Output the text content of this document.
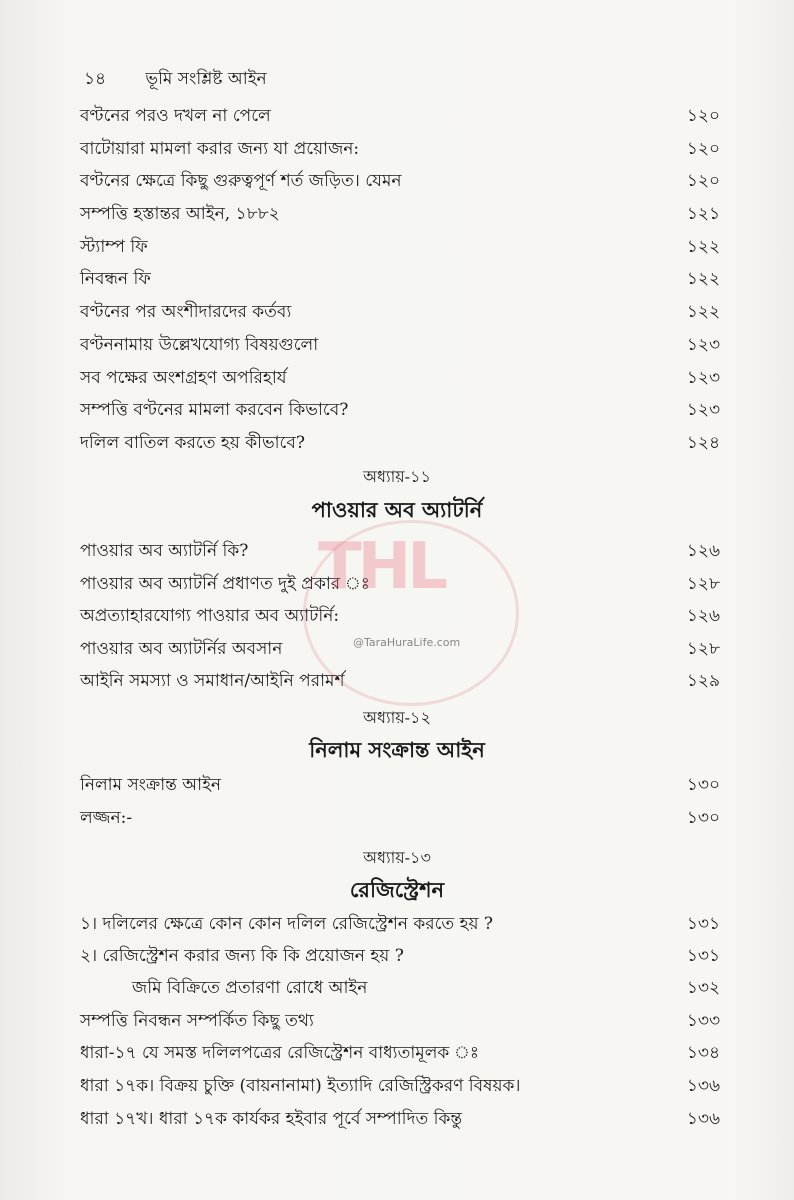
১৪ ভূমি সংশ্লিষ্ট আইন
বণ্টনের পরও দখল না পেলে	১২০
বাটোয়ারা মামলা করার জন্য যা প্রয়োজন:	১২০
বণ্টনের ক্ষেত্রে কিছু গুরুত্বপূর্ণ শর্ত জড়িত। যেমন	১২০
সম্পত্তি হস্তান্তর আইন, ১৮৮২	১২১
স্ট্যাম্প ফি	১২২
নিবন্ধন ফি	১২২
বণ্টনের পর অংশীদারদের কর্তব্য	১২২
বণ্টননামায় উল্লেখযোগ্য বিষয়গুলো	১২৩
সব পক্ষের অংশগ্রহণ অপরিহার্য	১২৩
সম্পত্তি বণ্টনের মামলা করবেন কিভাবে?	১২৩
দলিল বাতিল করতে হয় কীভাবে?	১২৪
অধ্যায়-১১
পাওয়ার অব অ্যাটর্নি
পাওয়ার অব অ্যাটর্নি কি?	১২৬
পাওয়ার অব অ্যাটর্নি প্রধাণত দুই প্রকার ঃ	১২৮
অপ্রত্যাহারযোগ্য পাওয়ার অব অ্যাটর্নি:	১২৬
পাওয়ার অব অ্যাটর্নির অবসান	১২৮
আইনি সমস্যা ও সমাধান/আইনি পরামর্শ	১২৯
অধ্যায়-১২
নিলাম সংক্রান্ত আইন
নিলাম সংক্রান্ত আইন	১৩০
লজ্জন:-	১৩০
অধ্যায়-১৩
রেজিস্ট্রেশন
১। দলিলের ক্ষেত্রে কোন কোন দলিল রেজিস্ট্রেশন করতে হয় ?	১৩১
২। রেজিস্ট্রেশন করার জন্য কি কি প্রয়োজন হয় ?	১৩১
জমি বিক্রিতে প্রতারণা রোধে আইন	১৩২
সম্পত্তি নিবন্ধন সম্পর্কিত কিছু তথ্য	১৩৩
ধারা-১৭ যে সমস্ত দলিলপত্রের রেজিস্ট্রেশন বাধ্যতামূলক ঃ	১৩৪
ধারা ১৭ক। বিক্রয় চুক্তি (বায়নানামা) ইত্যাদি রেজিস্ট্রিকরণ বিষয়ক।	১৩৬
ধারা ১৭খ। ধারা ১৭ক কার্যকর হইবার পূর্বে সম্পাদিত কিন্তু	১৩৬
THL
@TaraHuraLife.com
